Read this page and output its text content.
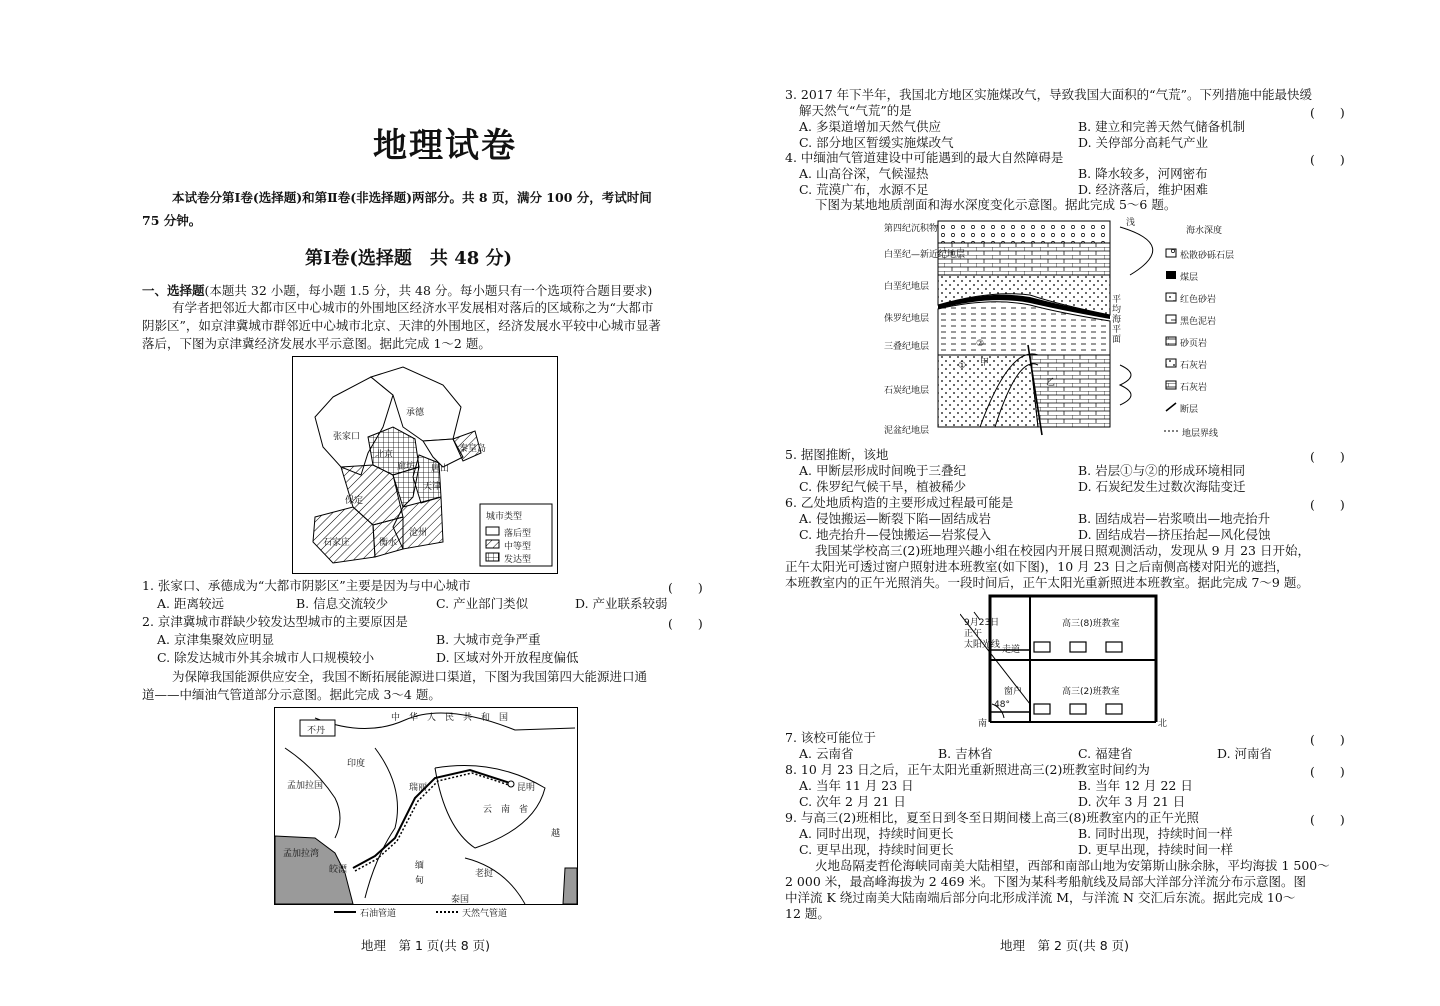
地理试卷
本试卷分第Ⅰ卷(选择题)和第Ⅱ卷(非选择题)两部分。共 8 页，满分 100 分，考试时间
75 分钟。
第Ⅰ卷(选择题　共 48 分)
一、选择题(本题共 32 小题，每小题 1.5 分，共 48 分。每小题只有一个选项符合题目要求)
有学者把邻近大都市区中心城市的外围地区经济水平发展相对落后的区域称之为“大都市
阴影区”，如京津冀城市群邻近中心城市北京、天津的外围地区，经济发展水平较中心城市显著
落后，下图为京津冀经济发展水平示意图。据此完成 1～2 题。
承德
张家口
北京
廊坊
天津
唐山
秦皇岛
保定
石家庄
沧州
衡水
城市类型
落后型
中等型
发达型
1. 张家口、承德成为“大都市阴影区”主要是因为与中心城市	(　　)
A. 距离较远	B. 信息交流较少	C. 产业部门类似	D. 产业联系较弱
2. 京津冀城市群缺少较发达型城市的主要原因是	(　　)
A. 京津集聚效应明显	B. 大城市竞争严重
C. 除发达城市外其余城市人口规模较小	D. 区域对外开放程度偏低
为保障我国能源供应安全，我国不断拓展能源进口渠道，下图为我国第四大能源进口通
道——中缅油气管道部分示意图。据此完成 3～4 题。
中　华　人　民　共　和　国
不丹
印度
孟加拉国
孟加拉湾
皎漂
瑞丽	昆明
云　南　省
缅
甸
老挝
泰国
越
石油管道	天然气管道
地理　第 1 页(共 8 页)
3. 2017 年下半年，我国北方地区实施煤改气，导致我国大面积的“气荒”。下列措施中能最快缓
解天然气“气荒”的是	(　　)
A. 多渠道增加天然气供应	B. 建立和完善天然气储备机制
C. 部分地区暂缓实施煤改气	D. 关停部分高耗气产业
4. 中缅油气管道建设中可能遇到的最大自然障碍是	(　　)
A. 山高谷深，气候湿热	B. 降水较多，河网密布
C. 荒漠广布，水源不足	D. 经济落后，维护困难
下图为某地地质剖面和海水深度变化示意图。据此完成 5～6 题。
第四纪沉积物
白垩纪—新近纪地层
白垩纪地层
侏罗纪地层
三叠纪地层
石炭纪地层
泥盆纪地层
海水深度
松散砂砾石层
煤层
红色砂岩
黑色泥岩
砂页岩
石灰岩
石灰岩
断层
地层界线
甲
乙
①
②
浅
平均海平面
5. 据图推断，该地	(　　)
A. 甲断层形成时间晚于三叠纪	B. 岩层①与②的形成环境相同
C. 侏罗纪气候干旱，植被稀少	D. 石炭纪发生过数次海陆变迁
6. 乙处地质构造的主要形成过程最可能是	(　　)
A. 侵蚀搬运—断裂下陷—固结成岩	B. 固结成岩—岩浆喷出—地壳抬升
C. 地壳抬升—侵蚀搬运—岩浆侵入	D. 固结成岩—挤压抬起—风化侵蚀
我国某学校高三(2)班地理兴趣小组在校园内开展日照观测活动，发现从 9 月 23 日开始，
正午太阳光可透过窗户照射进本班教室(如下图)，10 月 23 日之后南侧高楼对阳光的遮挡，
本班教室内的正午光照消失。一段时间后，正午太阳光重新照进本班教室。据此完成 7～9 题。
9月23日正午
太阳光线
高三(8)班教室
高三(2)班教室
走道
窗户
48°
南	北
7. 该校可能位于	(　　)
A. 云南省	B. 吉林省	C. 福建省	D. 河南省
8. 10 月 23 日之后，正午太阳光重新照进高三(2)班教室时间约为	(　　)
A. 当年 11 月 23 日	B. 当年 12 月 22 日
C. 次年 2 月 21 日	D. 次年 3 月 21 日
9. 与高三(2)班相比，夏至日到冬至日期间楼上高三(8)班教室内的正午光照	(　　)
A. 同时出现，持续时间更长	B. 同时出现，持续时间一样
C. 更早出现，持续时间更长	D. 更早出现，持续时间一样
火地岛隔麦哲伦海峡同南美大陆相望，西部和南部山地为安第斯山脉余脉，平均海拔 1 500～
2 000 米，最高峰海拔为 2 469 米。下图为某科考船航线及局部大洋部分洋流分布示意图。图
中洋流 K 绕过南美大陆南端后部分向北形成洋流 M，与洋流 N 交汇后东流。据此完成 10～
12 题。
地理　第 2 页(共 8 页)
